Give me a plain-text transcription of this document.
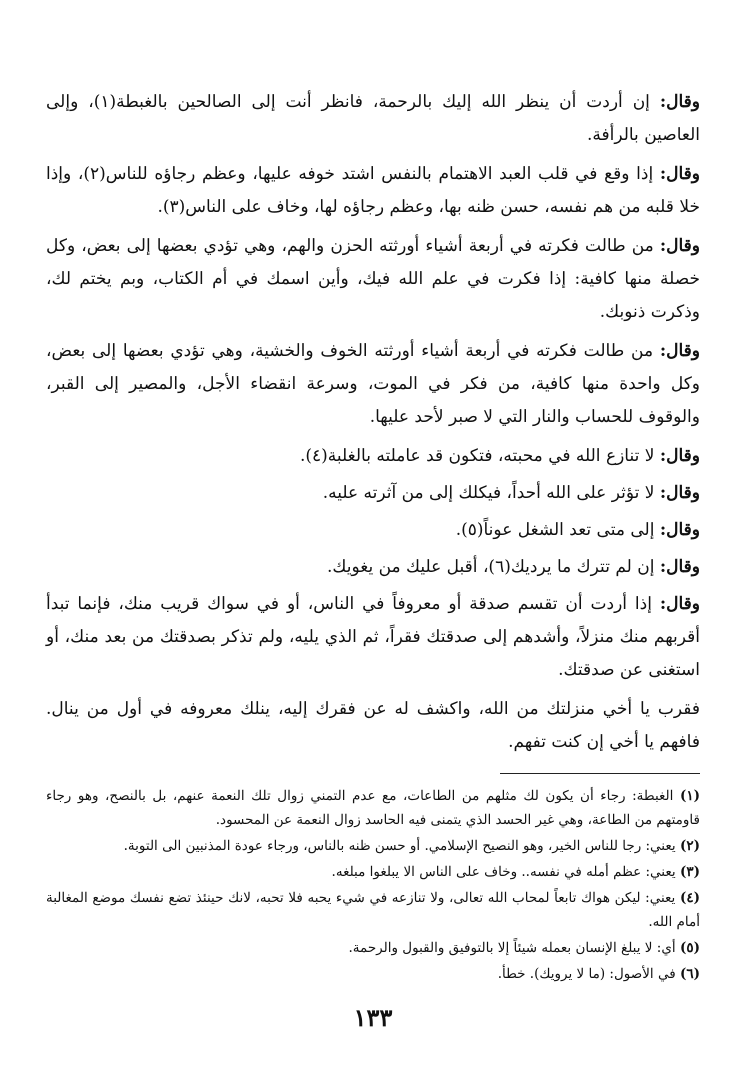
وقال: إن أردت أن ينظر الله إليك بالرحمة، فانظر أنت إلى الصالحين بالغبطة(١)، وإلى العاصين بالرأفة.

وقال: إذا وقع في قلب العبد الاهتمام بالنفس اشتد خوفه عليها، وعظم رجاؤه للناس(٢)، وإذا خلا قلبه من هم نفسه، حسن ظنه بها، وعظم رجاؤه لها، وخاف على الناس(٣).

وقال: من طالت فكرته في أربعة أشياء أورثته الحزن والهم، وهي تؤدي بعضها إلى بعض، وكل خصلة منها كافية: إذا فكرت في علم الله فيك، وأين اسمك في أم الكتاب، وبم يختم لك، وذكرت ذنوبك.

وقال: من طالت فكرته في أربعة أشياء أورثته الخوف والخشية، وهي تؤدي بعضها إلى بعض، وكل واحدة منها كافية، من فكر في الموت، وسرعة انقضاء الأجل، والمصير إلى القبر، والوقوف للحساب والنار التي لا صبر لأحد عليها.

وقال: لا تنازع الله في محبته، فتكون قد عاملته بالغلبة(٤).

وقال: لا تؤثر على الله أحداً، فيكلك إلى من آثرته عليه.

وقال: إلى متى تعد الشغل عوناً(٥).

وقال: إن لم تترك ما يرديك(٦)، أقبل عليك من يغويك.

وقال: إذا أردت أن تقسم صدقة أو معروفاً في الناس، أو في سواك قريب منك، فإنما تبدأ أقربهم منك منزلاً، وأشدهم إلى صدقتك فقراً، ثم الذي يليه، ولم تذكر بصدقتك من بعد منك، أو استغنى عن صدقتك.

فقرب يا أخي منزلتك من الله، واكشف له عن فقرك إليه، ينلك معروفه في أول من ينال. فافهم يا أخي إن كنت تفهم.

(١) الغبطة: رجاء أن يكون لك مثلهم من الطاعات، مع عدم التمني زوال تلك النعمة عنهم، بل بالنصح، وهو رجاء قاومتهم من الطاعة، وهي غير الحسد الذي يتمنى فيه الحاسد زوال النعمة عن المحسود.

(٢) يعني: رجا للناس الخير، وهو النصيح الإسلامي. أو حسن ظنه بالناس، ورجاء عودة المذنبين الى التوبة.

(٣) يعني: عظم أمله في نفسه.. وخاف على الناس الا يبلغوا مبلغه.

(٤) يعني: ليكن هواك تابعاً لمحاب الله تعالى، ولا تنازعه في شيء يحبه فلا تحبه، لانك حينئذ تضع نفسك موضع المغالبة أمام الله.

(٥) أي: لا يبلغ الإنسان بعمله شيئاً إلا بالتوفيق والقبول والرحمة.

(٦) في الأصول: (ما لا يرويك). خطأ.

١٣٣
